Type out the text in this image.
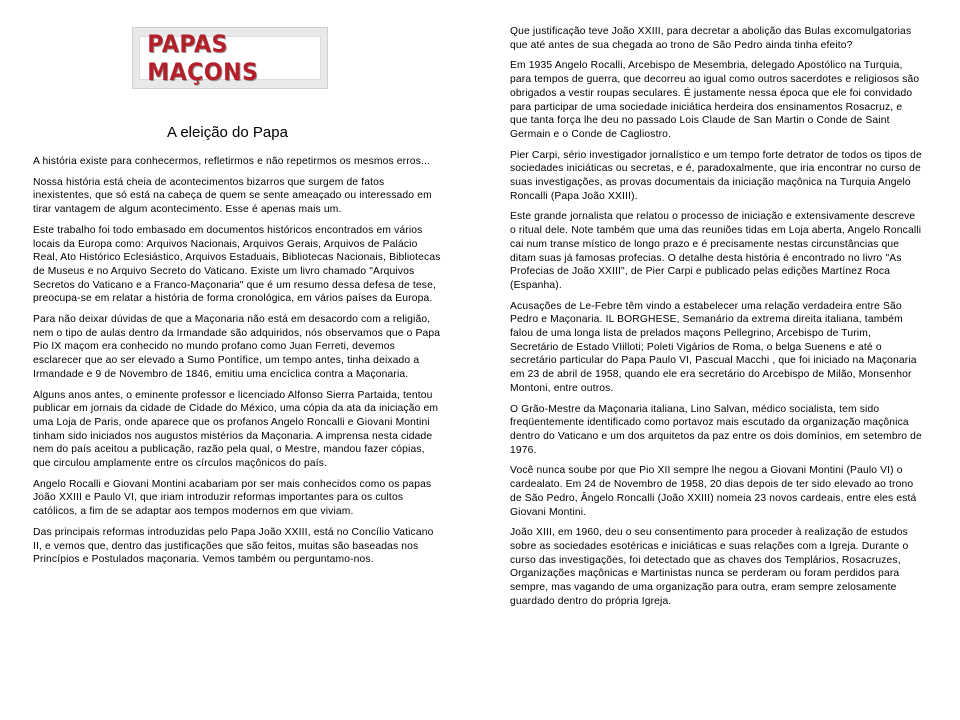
PAPAS MAÇONS
A eleição do Papa

A história existe para conhecermos, refletirmos e não repetirmos os mesmos erros...

Nossa história está cheia de acontecimentos bizarros que surgem de fatos inexistentes, que só está na cabeça de quem se sente ameaçado ou interessado em tirar vantagem de algum acontecimento. Esse é apenas mais um.

Este trabalho foi todo embasado em documentos históricos encontrados em vários locais da Europa como: Arquivos Nacionais, Arquivos Gerais, Arquivos de Palácio Real, Ato Histórico Eclesiástico, Arquivos Estaduais, Bibliotecas Nacionais, Bibliotecas de Museus e no Arquivo Secreto do Vaticano. Existe um livro chamado "Arquivos Secretos do Vaticano e a Franco-Maçonaria" que é um resumo dessa defesa de tese, preocupa-se em relatar a história de forma cronológica, em vários países da Europa.

Para não deixar dúvidas de que a Maçonaria não está em desacordo com a religião, nem o tipo de aulas dentro da Irmandade são adquiridos, nós observamos que o Papa Pio IX maçom era conhecido no mundo profano como Juan Ferreti, devemos esclarecer que ao ser elevado a Sumo Pontífice, um tempo antes, tinha deixado a Irmandade e 9 de Novembro de 1846, emitiu uma encíclica contra a Maçonaria.

Alguns anos antes, o eminente professor e licenciado Alfonso Sierra Partaida, tentou publicar em jornais da cidade de Cidade do México, uma cópia da ata da iniciação em uma Loja de Paris, onde aparece que os profanos Angelo Roncalli e Giovani Montini tinham sido iniciados nos augustos mistérios da Maçonaria. A imprensa nesta cidade nem do país aceitou a publicação, razão pela qual, o Mestre, mandou fazer cópias, que circulou amplamente entre os círculos maçônicos do país.

Angelo Rocalli e Giovani Montini acabariam por ser mais conhecidos como os papas João XXIII e Paulo VI, que iriam introduzir reformas importantes para os cultos católicos, a fim de se adaptar aos tempos modernos em que viviam.

Das principais reformas introduzidas pelo Papa João XXIII, está no Concílio Vaticano II, e vemos que, dentro das justificações que são feitos, muitas são baseadas nos Princípios e Postulados maçonaria. Vemos também ou perguntamo-nos.

Que justificação teve João XXIII, para decretar a abolição das Bulas excomulgatorias que até antes de sua chegada ao trono de São Pedro ainda tinha efeito?

Em 1935 Angelo Rocalli, Arcebispo de Mesembria, delegado Apostólico na Turquia, para tempos de guerra, que decorreu ao igual como outros sacerdotes e religiosos são obrigados a vestir roupas seculares. É justamente nessa época que ele foi convidado para participar de uma sociedade iniciática herdeira dos ensinamentos Rosacruz, e que tanta força lhe deu no passado Lois Claude de San Martin o Conde de Saint Germain e o Conde de Cagliostro.

Pier Carpi, sério investigador jornalístico e um tempo forte detrator de todos os tipos de sociedades iniciáticas ou secretas, e é, paradoxalmente, que iria encontrar no curso de suas investigações, as provas documentais da iniciação maçônica na Turquia Angelo Roncalli (Papa João XXIII).

Este grande jornalista que relatou o processo de iniciação e extensivamente descreve o ritual dele. Note também que uma das reuniões tidas em Loja aberta, Angelo Roncalli cai num transe místico de longo prazo e é precisamente nestas circunstâncias que ditam suas já famosas profecias. O detalhe desta história é encontrado no livro "As Profecias de João XXIII", de Pier Carpi e publicado pelas edições Martínez Roca (Espanha).

Acusações de Le-Febre têm vindo a estabelecer uma relação verdadeira entre São Pedro e Maçonaria. IL BORGHESE, Semanário da extrema direita italiana, também falou de uma longa lista de prelados maçons Pellegrino, Arcebispo de Turim, Secretário de Estado VIilloti; Poleti Vigários de Roma, o belga Suenens e até o secretário particular do Papa Paulo VI, Pascual Macchi , que foi iniciado na Maçonaria em 23 de abril de 1958, quando ele era secretário do Arcebispo de Milão, Monsenhor Montoni, entre outros.

O Grão-Mestre da Maçonaria italiana, Lino Salvan, médico socialista, tem sido freqüentemente identificado como portavoz mais escutado da organização maçônica dentro do Vaticano e um dos arquitetos da paz entre os dois domínios, em setembro de 1976.

Você nunca soube por que Pio XII sempre lhe negou a Giovani Montini (Paulo VI) o cardealato. Em 24 de Novembro de 1958, 20 dias depois de ter sido elevado ao trono de São Pedro, Ângelo Roncalli (João XXIII) nomeia 23 novos cardeais, entre eles está Giovani Montini.

João XIII, em 1960, deu o seu consentimento para proceder à realização de estudos sobre as sociedades esotéricas e iniciáticas e suas relações com a Igreja. Durante o curso das investigações, foi detectado que as chaves dos Templários, Rosacruzes, Organizações maçônicas e Martinistas nunca se perderam ou foram perdidos para sempre, mas vagando de uma organização para outra, eram sempre zelosamente guardado dentro do própria Igreja.
